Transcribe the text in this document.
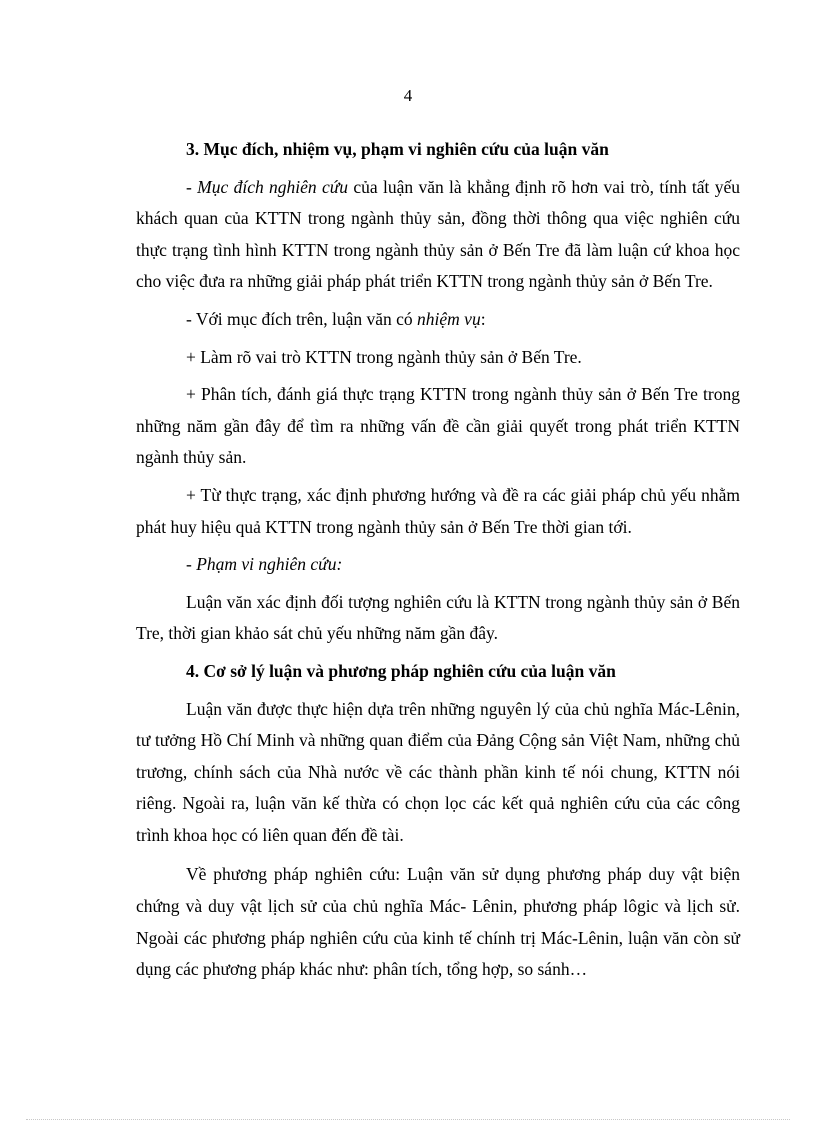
4

3. Mục đích, nhiệm vụ, phạm vi nghiên cứu của luận văn

- Mục đích nghiên cứu của luận văn là khẳng định rõ hơn vai trò, tính tất yếu khách quan của KTTN trong ngành thủy sản, đồng thời thông qua việc nghiên cứu thực trạng tình hình KTTN trong ngành thủy sản ở Bến Tre đã làm luận cứ khoa học cho việc đưa ra những giải pháp phát triển KTTN trong ngành thủy sản ở Bến Tre.

- Với mục đích trên, luận văn có nhiệm vụ:

+ Làm rõ vai trò KTTN trong ngành thủy sản ở Bến Tre.

+ Phân tích, đánh giá thực trạng KTTN trong ngành thủy sản ở Bến Tre trong những năm gần đây để tìm ra những vấn đề cần giải quyết trong phát triển KTTN ngành thủy sản.

+ Từ thực trạng, xác định phương hướng và đề ra các giải pháp chủ yếu nhằm phát huy hiệu quả KTTN trong ngành thủy sản ở Bến Tre thời gian tới.

- Phạm vi nghiên cứu:

Luận văn xác định đối tượng nghiên cứu là KTTN trong ngành thủy sản ở Bến Tre, thời gian khảo sát chủ yếu những năm gần đây.

4. Cơ sở lý luận và phương pháp nghiên cứu của luận văn

Luận văn được thực hiện dựa trên những nguyên lý của chủ nghĩa Mác-Lênin, tư tưởng Hồ Chí Minh và những quan điểm của Đảng Cộng sản Việt Nam, những chủ trương, chính sách của Nhà nước về các thành phần kinh tế nói chung, KTTN nói riêng. Ngoài ra, luận văn kế thừa có chọn lọc các kết quả nghiên cứu của các công trình khoa học có liên quan đến đề tài.

Về phương pháp nghiên cứu: Luận văn sử dụng phương pháp duy vật biện chứng và duy vật lịch sử của chủ nghĩa Mác- Lênin, phương pháp lôgic và lịch sử. Ngoài các phương pháp nghiên cứu của kinh tế chính trị Mác-Lênin, luận văn còn sử dụng các phương pháp khác như: phân tích, tổng hợp, so sánh…
